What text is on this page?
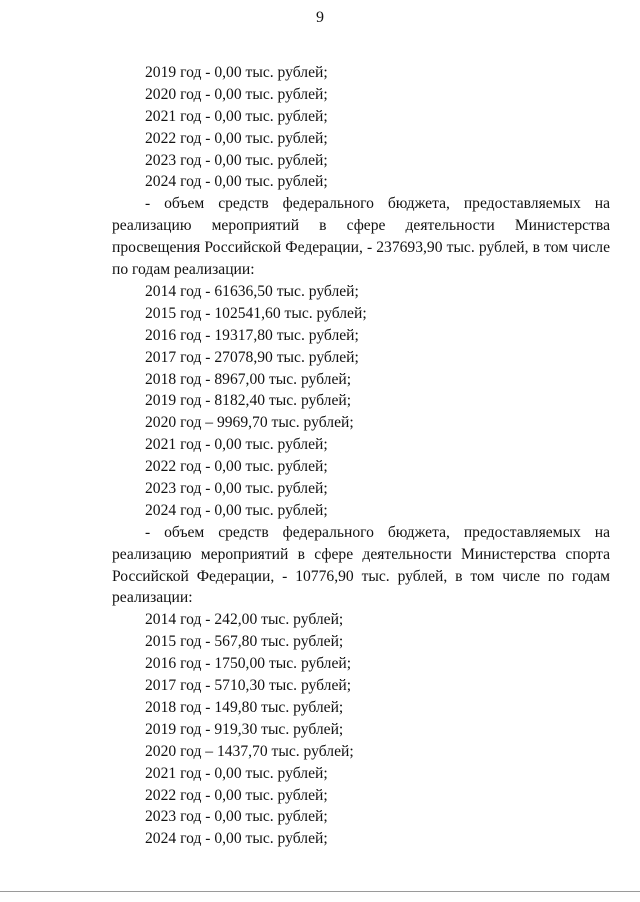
9
2019 год - 0,00 тыс. рублей;
2020 год - 0,00 тыс. рублей;
2021 год - 0,00 тыс. рублей;
2022 год - 0,00 тыс. рублей;
2023 год - 0,00 тыс. рублей;
2024 год - 0,00 тыс. рублей;
- объем средств федерального бюджета, предоставляемых на реализацию мероприятий в сфере деятельности Министерства просвещения Российской Федерации, - 237693,90 тыс. рублей, в том числе по годам реализации:
2014 год - 61636,50 тыс. рублей;
2015 год - 102541,60 тыс. рублей;
2016 год - 19317,80 тыс. рублей;
2017 год - 27078,90 тыс. рублей;
2018 год - 8967,00 тыс. рублей;
2019 год - 8182,40 тыс. рублей;
2020 год – 9969,70 тыс. рублей;
2021 год - 0,00 тыс. рублей;
2022 год - 0,00 тыс. рублей;
2023 год - 0,00 тыс. рублей;
2024 год - 0,00 тыс. рублей;
- объем средств федерального бюджета, предоставляемых на реализацию мероприятий в сфере деятельности Министерства спорта Российской Федерации, - 10776,90 тыс. рублей, в том числе по годам реализации:
2014 год - 242,00 тыс. рублей;
2015 год - 567,80 тыс. рублей;
2016 год - 1750,00 тыс. рублей;
2017 год - 5710,30 тыс. рублей;
2018 год - 149,80 тыс. рублей;
2019 год - 919,30 тыс. рублей;
2020 год – 1437,70 тыс. рублей;
2021 год - 0,00 тыс. рублей;
2022 год - 0,00 тыс. рублей;
2023 год - 0,00 тыс. рублей;
2024 год - 0,00 тыс. рублей;
